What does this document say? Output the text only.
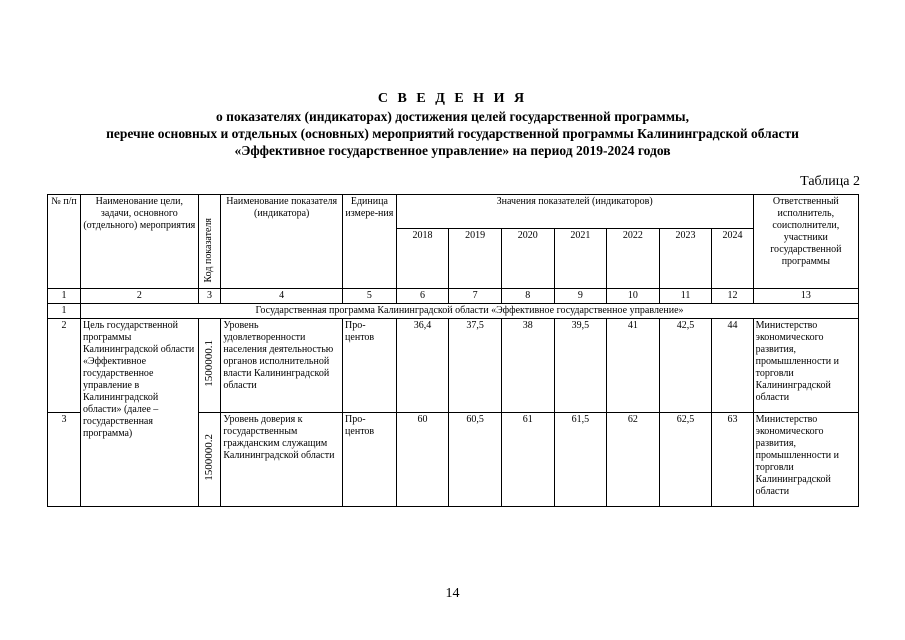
С В Е Д Е Н И Я
о показателях (индикаторах) достижения целей государственной программы,
перечне основных и отдельных (основных) мероприятий государственной программы Калининградской области
«Эффективное государственное управление» на период 2019-2024 годов
Таблица 2
№ п/п	Наименование цели, задачи, основного (отдельного) мероприятия	Код показателя	Наименование показателя (индикатора)	Единица измере-ния	Значения показателей (индикаторов)							Ответственный исполнитель, соисполнители, участники государственной программы
					2018	2019	2020	2021	2022	2023	2024	
1	2	3	4	5	6	7	8	9	10	11	12	13
1	Государственная программа Калининградской области «Эффективное государственное управление»											
2	Цель государственной программы Калининградской области «Эффективное государственное управление в Калининградской области» (далее – государственная программа)	1500000.1	Уровень удовлетворенности населения деятельностью органов исполнительной власти Калининградской области	Про-центов	36,4	37,5	38	39,5	41	42,5	44	Министерство экономического развития, промышленности и торговли Калининградской области
3		1500000.2	Уровень доверия к государственным гражданским служащим Калининградской области	Про-центов	60	60,5	61	61,5	62	62,5	63	Министерство экономического развития, промышленности и торговли Калининградской области
14
